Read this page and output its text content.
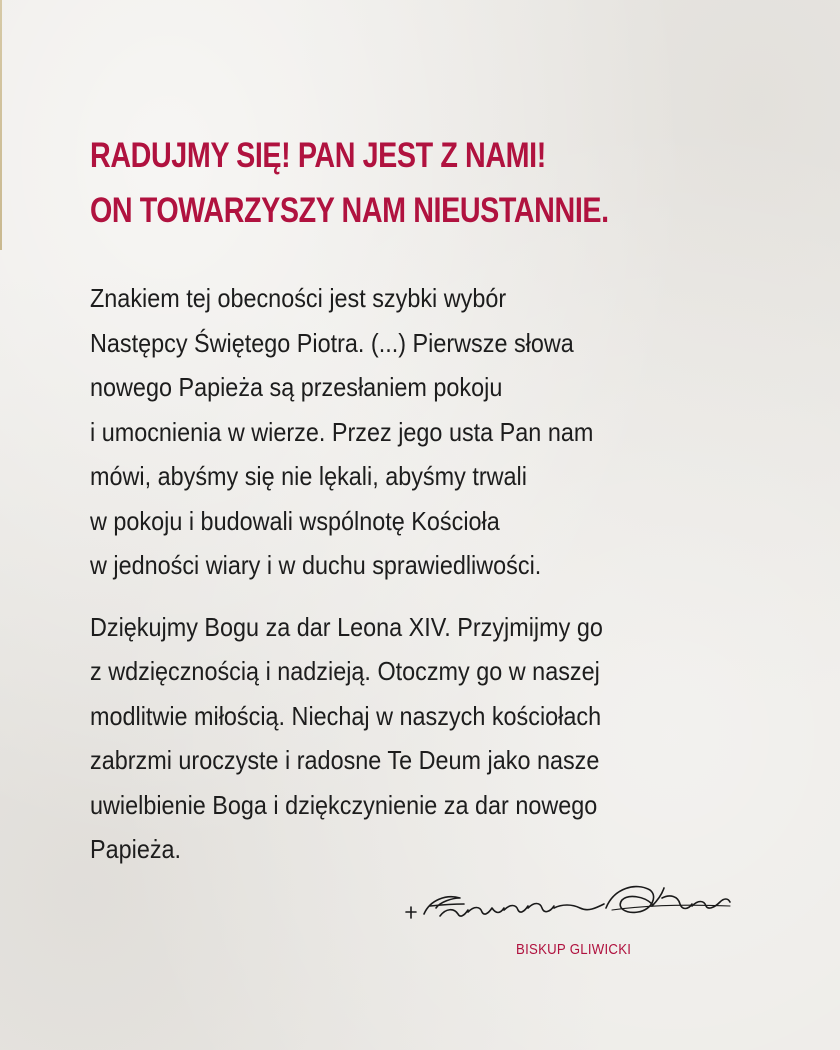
RADUJMY SIĘ! PAN JEST Z NAMI!
ON TOWARZYSZY NAM NIEUSTANNIE.

Znakiem tej obecności jest szybki wybór
Następcy Świętego Piotra. (...) Pierwsze słowa
nowego Papieża są przesłaniem pokoju
i umocnienia w wierze. Przez jego usta Pan nam
mówi, abyśmy się nie lękali, abyśmy trwali
w pokoju i budowali wspólnotę Kościoła
w jedności wiary i w duchu sprawiedliwości.

Dziękujmy Bogu za dar Leona XIV. Przyjmijmy go
z wdzięcznością i nadzieją. Otoczmy go w naszej
modlitwie miłością. Niechaj w naszych kościołach
zabrzmi uroczyste i radosne Te Deum jako nasze
uwielbienie Boga i dziękczynienie za dar nowego
Papieża.

BISKUP GLIWICKI
